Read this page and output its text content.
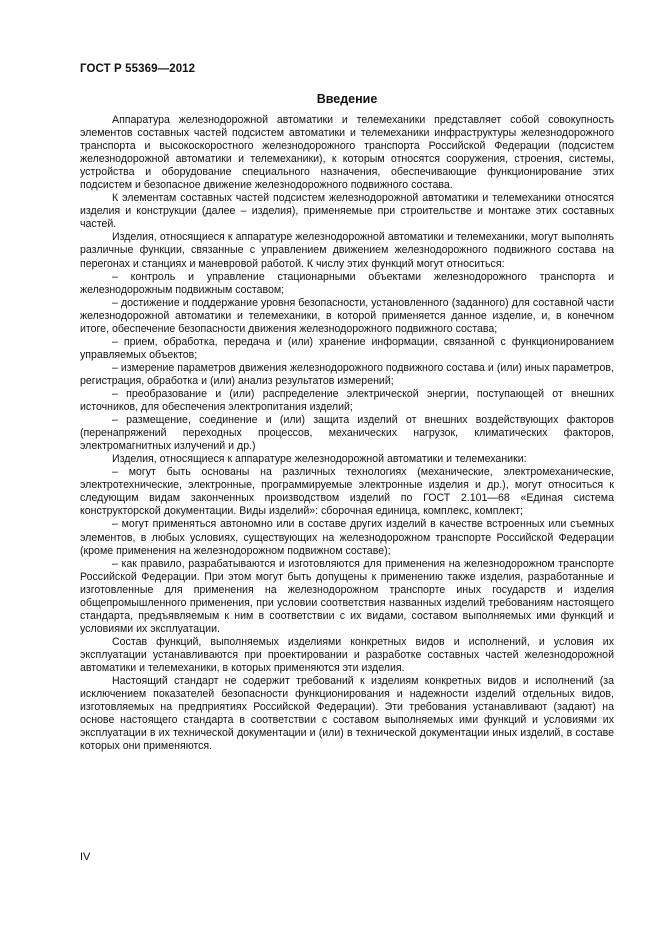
ГОСТ Р 55369—2012
Введение

Аппаратура железнодорожной автоматики и телемеханики представляет собой совокупность элементов составных частей подсистем автоматики и телемеханики инфраструктуры железнодорожного транспорта и высокоскоростного железнодорожного транспорта Российской Федерации (подсистем железнодорожной автоматики и телемеханики), к которым относятся сооружения, строения, системы, устройства и оборудование специального назначения, обеспечивающие функционирование этих подсистем и безопасное движение железнодорожного подвижного состава.

К элементам составных частей подсистем железнодорожной автоматики и телемеханики относятся изделия и конструкции (далее – изделия), применяемые при строительстве и монтаже этих составных частей.

Изделия, относящиеся к аппаратуре железнодорожной автоматики и телемеханики, могут выполнять различные функции, связанные с управлением движением железнодорожного подвижного состава на перегонах и станциях и маневровой работой. К числу этих функций могут относиться:

– контроль и управление стационарными объектами железнодорожного транспорта и железнодорожным подвижным составом;

– достижение и поддержание уровня безопасности, установленного (заданного) для составной части железнодорожной автоматики и телемеханики, в которой применяется данное изделие, и, в конечном итоге, обеспечение безопасности движения железнодорожного подвижного состава;

– прием, обработка, передача и (или) хранение информации, связанной с функционированием управляемых объектов;

– измерение параметров движения железнодорожного подвижного состава и (или) иных параметров, регистрация, обработка и (или) анализ результатов измерений;

– преобразование и (или) распределение электрической энергии, поступающей от внешних источников, для обеспечения электропитания изделий;

– размещение, соединение и (или) защита изделий от внешних воздействующих факторов (перенапряжений переходных процессов, механических нагрузок, климатических факторов, электромагнитных излучений и др.)

Изделия, относящиеся к аппаратуре железнодорожной автоматики и телемеханики:

– могут быть основаны на различных технологиях (механические, электромеханические, электротехнические, электронные, программируемые электронные изделия и др.), могут относиться к следующим видам законченных производством изделий по ГОСТ 2.101—68 «Единая система конструкторской документации. Виды изделий»: сборочная единица, комплекс, комплект;

– могут применяться автономно или в составе других изделий в качестве встроенных или съемных элементов, в любых условиях, существующих на железнодорожном транспорте Российской Федерации (кроме применения на железнодорожном подвижном составе);

– как правило, разрабатываются и изготовляются для применения на железнодорожном транспорте Российской Федерации. При этом могут быть допущены к применению также изделия, разработанные и изготовленные для применения на железнодорожном транспорте иных государств и изделия общепромышленного применения, при условии соответствия названных изделий требованиям настоящего стандарта, предъявляемым к ним в соответствии с их видами, составом выполняемых ими функций и условиями их эксплуатации.

Состав функций, выполняемых изделиями конкретных видов и исполнений, и условия их эксплуатации устанавливаются при проектировании и разработке составных частей железнодорожной автоматики и телемеханики, в которых применяются эти изделия.

Настоящий стандарт не содержит требований к изделиям конкретных видов и исполнений (за исключением показателей безопасности функционирования и надежности изделий отдельных видов, изготовляемых на предприятиях Российской Федерации). Эти требования устанавливают (задают) на основе настоящего стандарта в соответствии с составом выполняемых ими функций и условиями их эксплуатации в их технической документации и (или) в технической документации иных изделий, в составе которых они применяются.

IV
